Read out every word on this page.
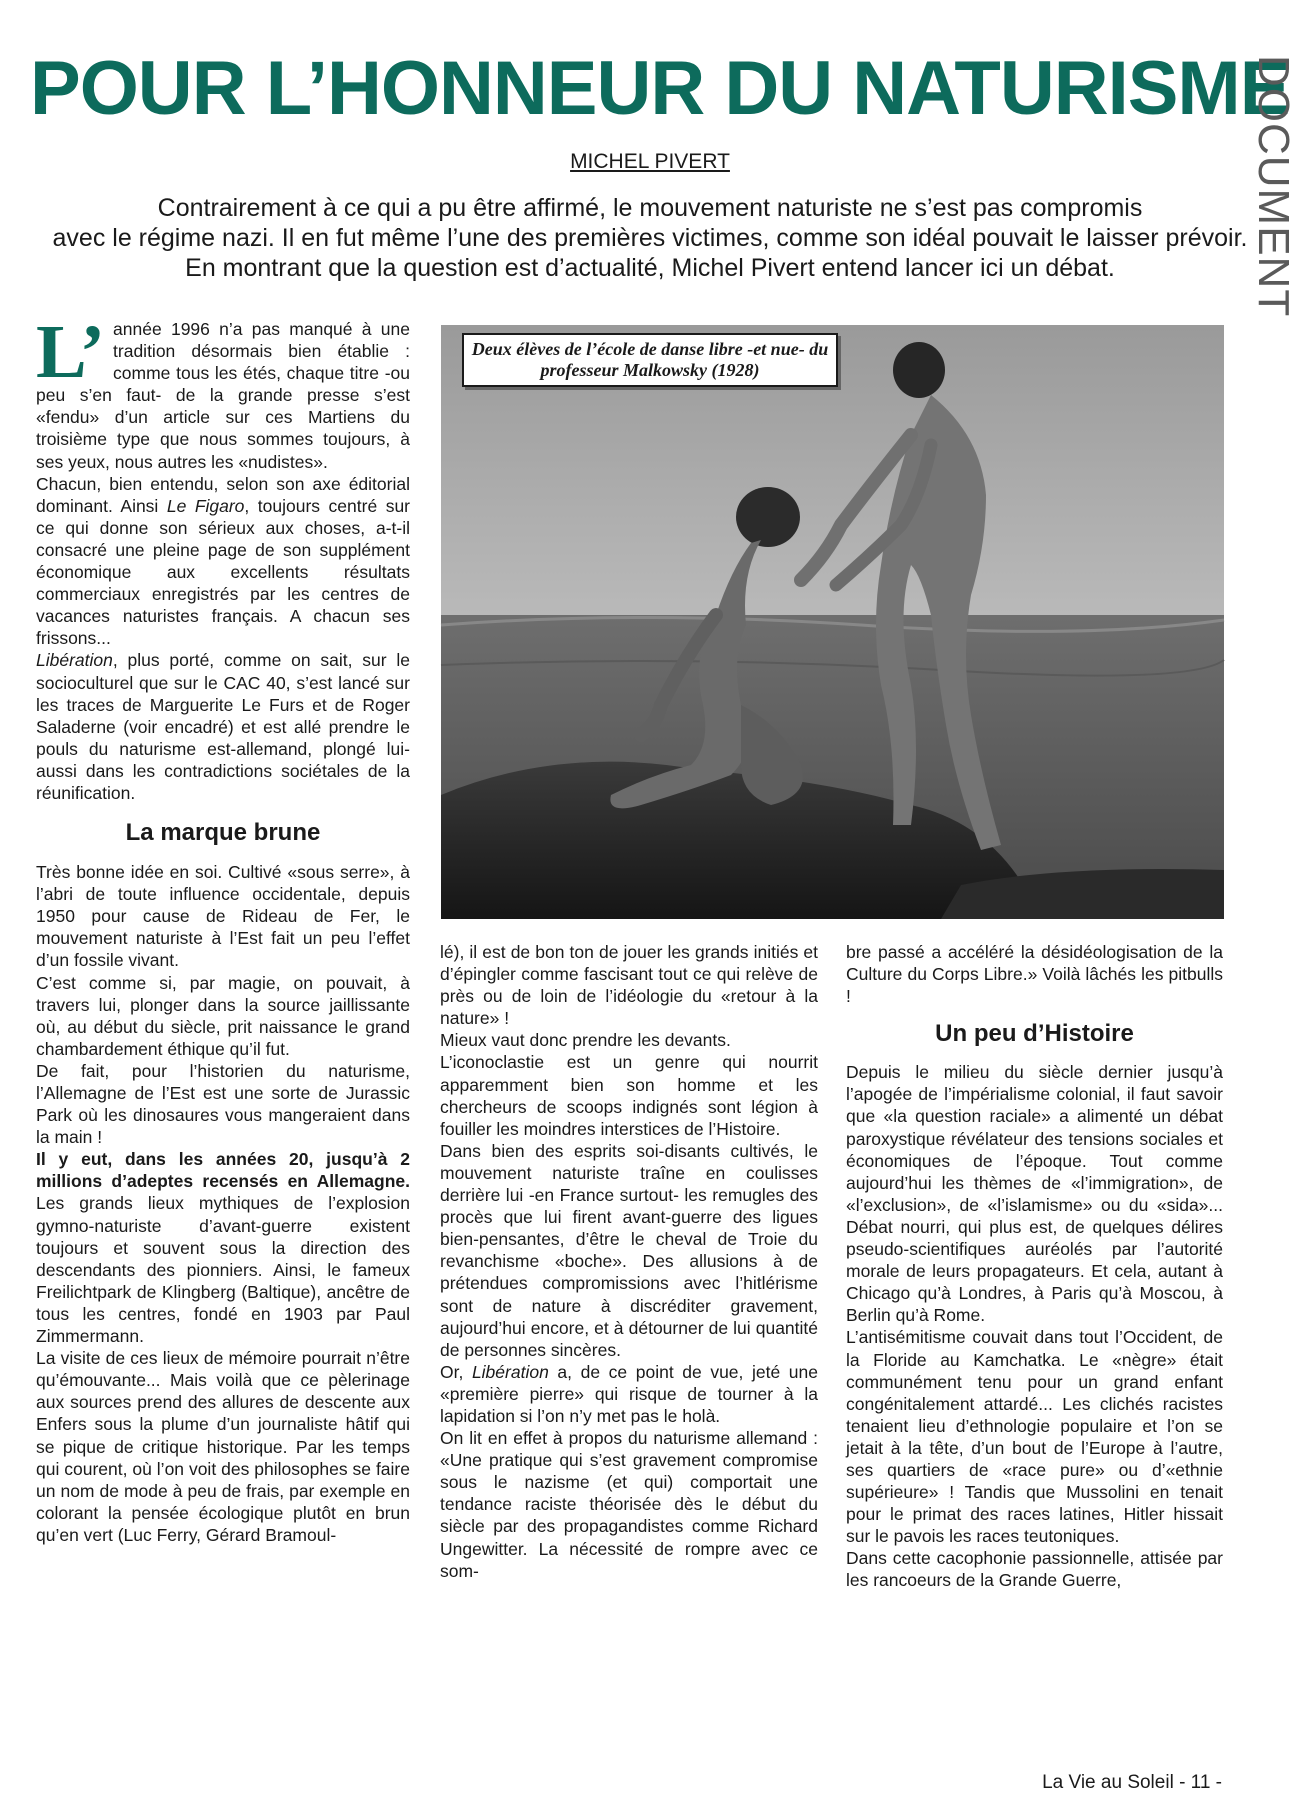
POUR L’HONNEUR DU NATURISME
DOCUMENT
MICHEL PIVERT

Contrairement à ce qui a pu être affirmé, le mouvement naturiste ne s’est pas compromis

avec le régime nazi. Il en fut même l’une des premières victimes, comme son idéal pouvait le laisser prévoir.

En montrant que la question est d’actualité, Michel Pivert entend lancer ici un débat.

L’ année 1996 n’a pas manqué à une tradition désormais bien établie : comme tous les étés, chaque titre -ou peu s’en faut- de la grande presse s’est «fendu» d’un article sur ces Martiens du troisième type que nous sommes toujours, à ses yeux, nous autres les «nudistes».

Chacun, bien entendu, selon son axe éditorial dominant. Ainsi Le Figaro, toujours centré sur ce qui donne son sérieux aux choses, a-t-il consacré une pleine page de son supplément économique aux excellents résultats commerciaux enregistrés par les centres de vacances naturistes français. A chacun ses frissons...

Libération, plus porté, comme on sait, sur le socioculturel que sur le CAC 40, s’est lancé sur les traces de Marguerite Le Furs et de Roger Saladerne (voir encadré) et est allé prendre le pouls du naturisme est-allemand, plongé lui-aussi dans les contradictions sociétales de la réunification.

La marque brune

Très bonne idée en soi. Cultivé «sous serre», à l’abri de toute influence occidentale, depuis 1950 pour cause de Rideau de Fer, le mouvement naturiste à l’Est fait un peu l’effet d’un fossile vivant.

C’est comme si, par magie, on pouvait, à travers lui, plonger dans la source jaillissante où, au début du siècle, prit naissance le grand chambardement éthique qu’il fut.

De fait, pour l’historien du naturisme, l’Allemagne de l’Est est une sorte de Jurassic Park où les dinosaures vous mangeraient dans la main !

Il y eut, dans les années 20, jusqu’à 2 millions d’adeptes recensés en Allemagne. Les grands lieux mythiques de l’explosion gymno-naturiste d’avant-guerre existent toujours et souvent sous la direction des descendants des pionniers. Ainsi, le fameux Freilichtpark de Klingberg (Baltique), ancêtre de tous les centres, fondé en 1903 par Paul Zimmermann.

La visite de ces lieux de mémoire pourrait n’être qu’émouvante... Mais voilà que ce pèlerinage aux sources prend des allures de descente aux Enfers sous la plume d’un journaliste hâtif qui se pique de critique historique. Par les temps qui courent, où l’on voit des philosophes se faire un nom de mode à peu de frais, par exemple en colorant la pensée écologique plutôt en brun qu’en vert (Luc Ferry, Gérard Bramoul-

Deux élèves de l’école de danse libre -et nue- du professeur Malkowsky (1928)

lé), il est de bon ton de jouer les grands initiés et d’épingler comme fascisant tout ce qui relève de près ou de loin de l’idéologie du «retour à la nature» !

Mieux vaut donc prendre les devants.

L’iconoclastie est un genre qui nourrit apparemment bien son homme et les chercheurs de scoops indignés sont légion à fouiller les moindres interstices de l’Histoire.

Dans bien des esprits soi-disants cultivés, le mouvement naturiste traîne en coulisses derrière lui -en France surtout- les remugles des procès que lui firent avant-guerre des ligues bien-pensantes, d’être le cheval de Troie du revanchisme «boche». Des allusions à de prétendues compromissions avec l’hitlérisme sont de nature à discréditer gravement, aujourd’hui encore, et à détourner de lui quantité de personnes sincères.

Or, Libération a, de ce point de vue, jeté une «première pierre» qui risque de tourner à la lapidation si l’on n’y met pas le holà.

On lit en effet à propos du naturisme allemand : «Une pratique qui s’est gravement compromise sous le nazisme (et qui) comportait une tendance raciste théorisée dès le début du siècle par des propagandistes comme Richard Ungewitter. La nécessité de rompre avec ce som-

bre passé a accéléré la désidéologisation de la Culture du Corps Libre.» Voilà lâchés les pitbulls !

Un peu d’Histoire

Depuis le milieu du siècle dernier jusqu’à l’apogée de l’impérialisme colonial, il faut savoir que «la question raciale» a alimenté un débat paroxystique révélateur des tensions sociales et économiques de l’époque. Tout comme aujourd’hui les thèmes de «l’immigration», de «l’exclusion», de «l’islamisme» ou du «sida»... Débat nourri, qui plus est, de quelques délires pseudo-scientifiques auréolés par l’autorité morale de leurs propagateurs. Et cela, autant à Chicago qu’à Londres, à Paris qu’à Moscou, à Berlin qu’à Rome.

L’antisémitisme couvait dans tout l’Occident, de la Floride au Kamchatka. Le «nègre» était communément tenu pour un grand enfant congénitalement attardé... Les clichés racistes tenaient lieu d’ethnologie populaire et l’on se jetait à la tête, d’un bout de l’Europe à l’autre, ses quartiers de «race pure» ou d’«ethnie supérieure» ! Tandis que Mussolini en tenait pour le primat des races latines, Hitler hissait sur le pavois les races teutoniques.

Dans cette cacophonie passionnelle, attisée par les rancoeurs de la Grande Guerre,

La Vie au Soleil - 11 -
